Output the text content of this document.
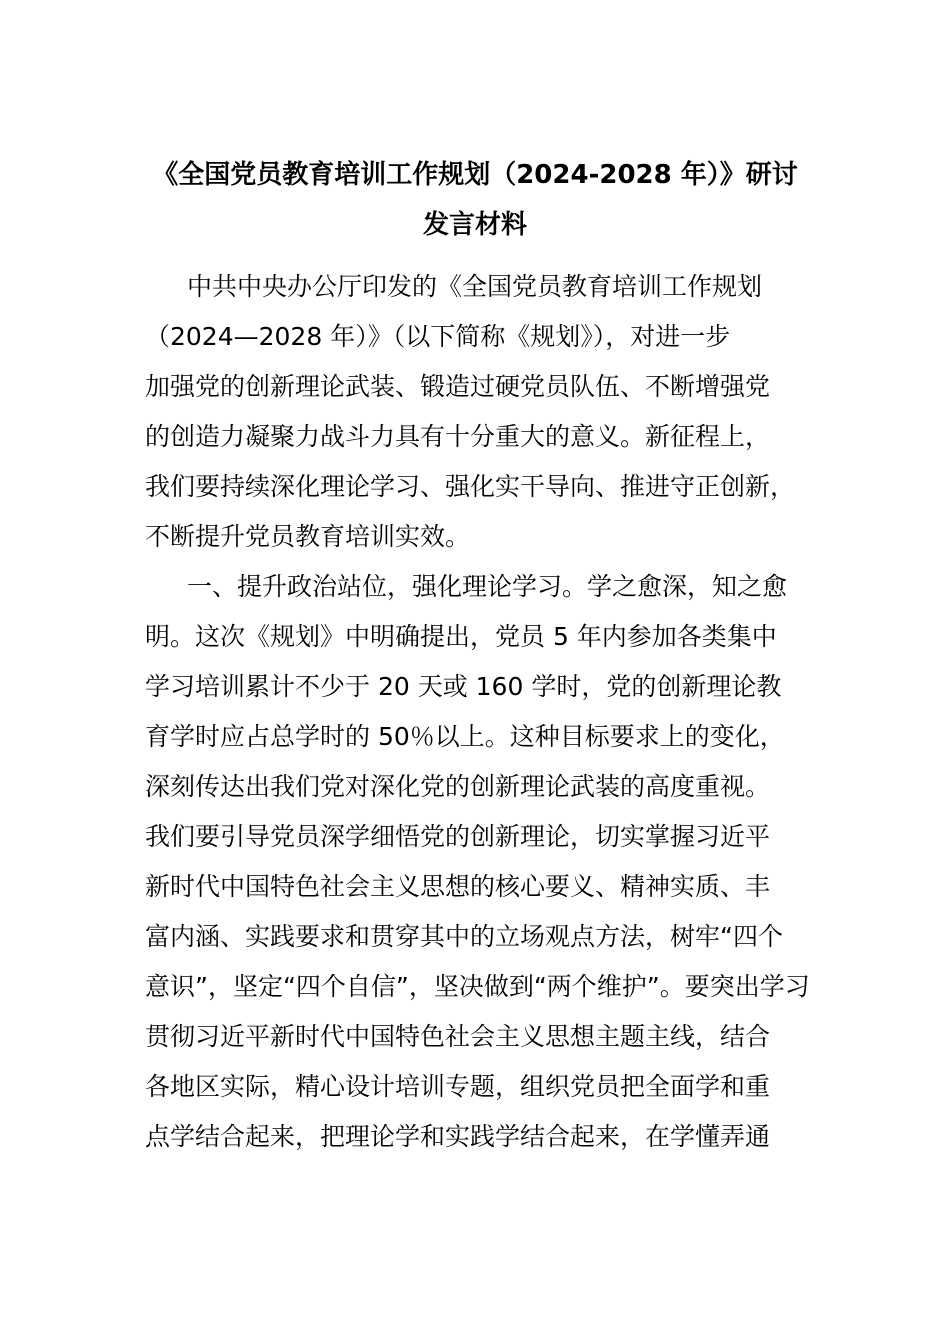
《全国党员教育培训工作规划（2024-2028 年）》研讨
发言材料
中共中央办公厅印发的《全国党员教育培训工作规划
（2024—2028 年）》（以下简称《规划》），对进一步
加强党的创新理论武装、锻造过硬党员队伍、不断增强党
的创造力凝聚力战斗力具有十分重大的意义。新征程上，
我们要持续深化理论学习、强化实干导向、推进守正创新，
不断提升党员教育培训实效。
一、提升政治站位，强化理论学习。学之愈深，知之愈
明。这次《规划》中明确提出，党员 5 年内参加各类集中
学习培训累计不少于 20 天或 160 学时，党的创新理论教
育学时应占总学时的 50％以上。这种目标要求上的变化，
深刻传达出我们党对深化党的创新理论武装的高度重视。
我们要引导党员深学细悟党的创新理论，切实掌握习近平
新时代中国特色社会主义思想的核心要义、精神实质、丰
富内涵、实践要求和贯穿其中的立场观点方法，树牢“四个
意识”，坚定“四个自信”，坚决做到“两个维护”。要突出学习
贯彻习近平新时代中国特色社会主义思想主题主线，结合
各地区实际，精心设计培训专题，组织党员把全面学和重
点学结合起来，把理论学和实践学结合起来，在学懂弄通
